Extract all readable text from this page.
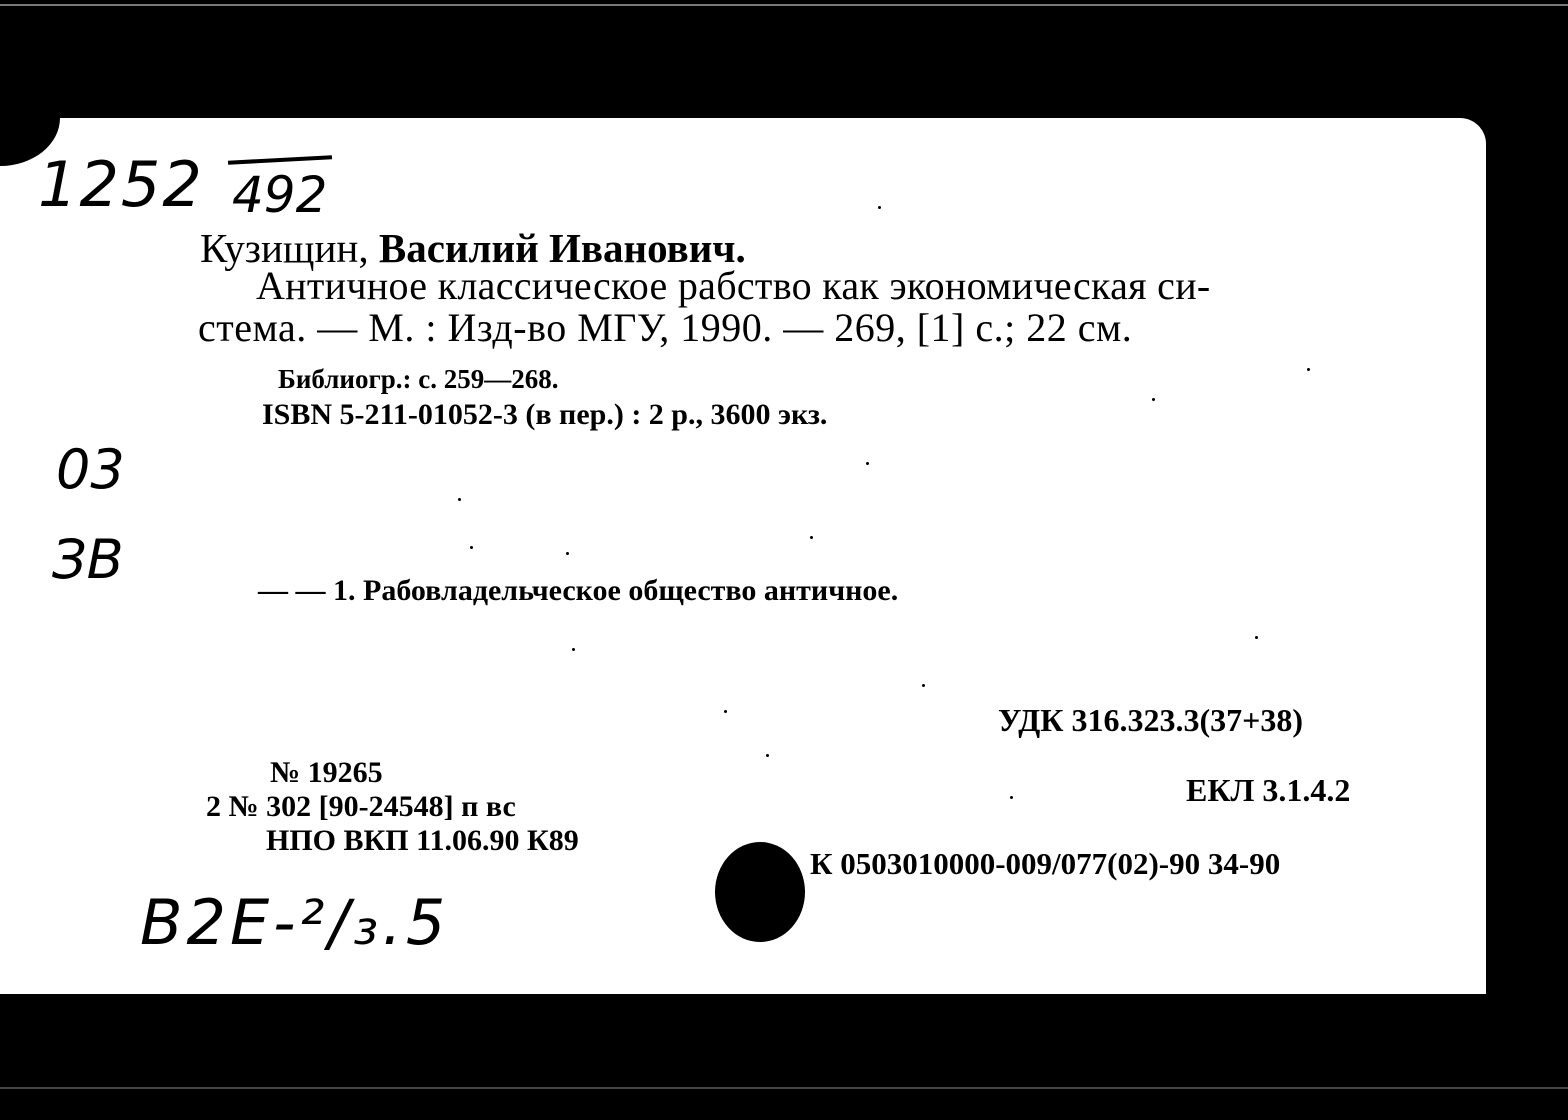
1252 492
Кузищин, Василий Иванович.
Античное классическое рабство как экономическая си-
стема. — М. : Изд-во МГУ, 1990. — 269, [1] с.; 22 см.
Библиогр.: с. 259—268.
ISBN 5-211-01052-3 (в пер.) : 2 р., 3600 экз.
03
ЗВ	— — 1. Рабовладельческое общество античное.
УДК 316.323.3(37+38)
ЕКЛ 3.1.4.2
№ 19265
2 № 302 [90-24548] п вс
НПО ВКП 11.06.90 К89
К 0503010000-009/077(02)-90 34-90
B2E-²/₃.5
